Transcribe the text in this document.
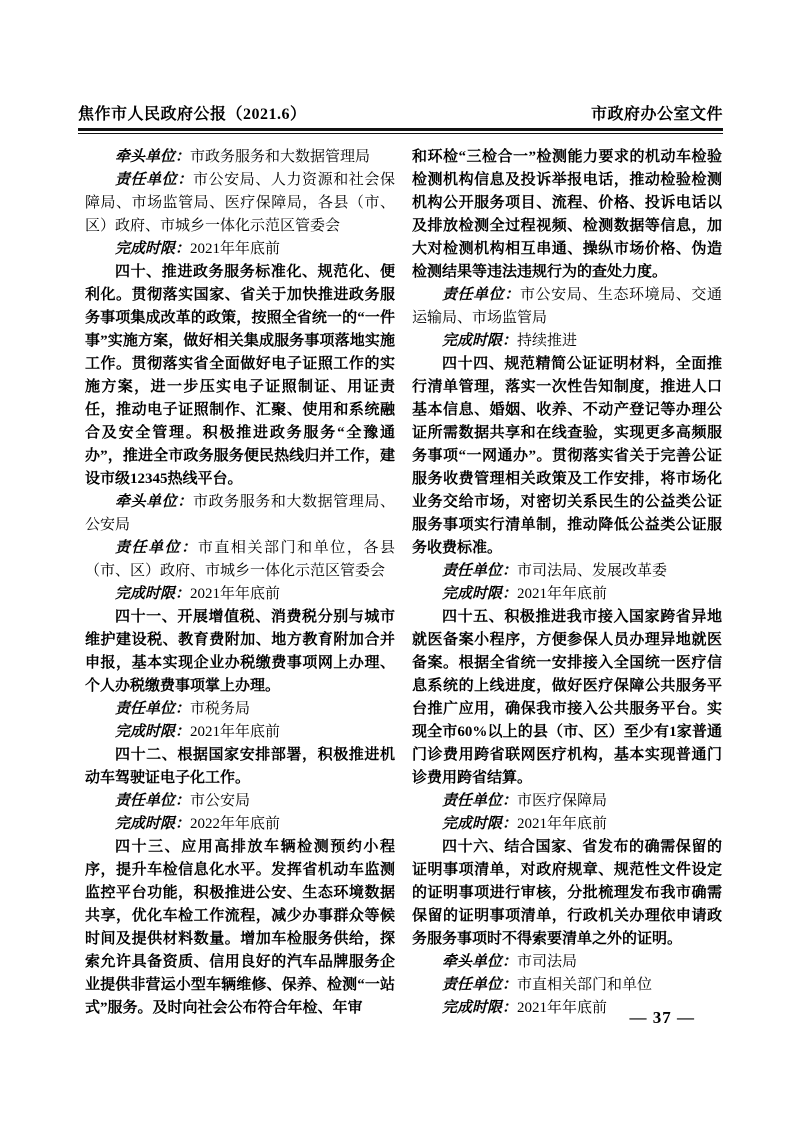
焦作市人民政府公报（2021.6）	市政府办公室文件

牵头单位：市政务服务和大数据管理局

责任单位：市公安局、人力资源和社会保障局、市场监管局、医疗保障局，各县（市、区）政府、市城乡一体化示范区管委会

完成时限：2021年年底前

四十、推进政务服务标准化、规范化、便利化。贯彻落实国家、省关于加快推进政务服务事项集成改革的政策，按照全省统一的“一件事”实施方案，做好相关集成服务事项落地实施工作。贯彻落实省全面做好电子证照工作的实施方案，进一步压实电子证照制证、用证责任，推动电子证照制作、汇聚、使用和系统融合及安全管理。积极推进政务服务“全豫通办”，推进全市政务服务便民热线归并工作，建设市级12345热线平台。

牵头单位：市政务服务和大数据管理局、公安局

责任单位：市直相关部门和单位，各县（市、区）政府、市城乡一体化示范区管委会

完成时限：2021年年底前

四十一、开展增值税、消费税分别与城市维护建设税、教育费附加、地方教育附加合并申报，基本实现企业办税缴费事项网上办理、个人办税缴费事项掌上办理。

责任单位：市税务局

完成时限：2021年年底前

四十二、根据国家安排部署，积极推进机动车驾驶证电子化工作。

责任单位：市公安局

完成时限：2022年年底前

四十三、应用高排放车辆检测预约小程序，提升车检信息化水平。发挥省机动车监测监控平台功能，积极推进公安、生态环境数据共享，优化车检工作流程，减少办事群众等候时间及提供材料数量。增加车检服务供给，探索允许具备资质、信用良好的汽车品牌服务企业提供非营运小型车辆维修、保养、检测“一站式”服务。及时向社会公布符合年检、年审

和环检“三检合一”检测能力要求的机动车检验检测机构信息及投诉举报电话，推动检验检测机构公开服务项目、流程、价格、投诉电话以及排放检测全过程视频、检测数据等信息，加大对检测机构相互串通、操纵市场价格、伪造检测结果等违法违规行为的查处力度。

责任单位：市公安局、生态环境局、交通运输局、市场监管局

完成时限：持续推进

四十四、规范精简公证证明材料，全面推行清单管理，落实一次性告知制度，推进人口基本信息、婚姻、收养、不动产登记等办理公证所需数据共享和在线查验，实现更多高频服务事项“一网通办”。贯彻落实省关于完善公证服务收费管理相关政策及工作安排，将市场化业务交给市场，对密切关系民生的公益类公证服务事项实行清单制，推动降低公益类公证服务收费标准。

责任单位：市司法局、发展改革委

完成时限：2021年年底前

四十五、积极推进我市接入国家跨省异地就医备案小程序，方便参保人员办理异地就医备案。根据全省统一安排接入全国统一医疗信息系统的上线进度，做好医疗保障公共服务平台推广应用，确保我市接入公共服务平台。实现全市60%以上的县（市、区）至少有1家普通门诊费用跨省联网医疗机构，基本实现普通门诊费用跨省结算。

责任单位：市医疗保障局

完成时限：2021年年底前

四十六、结合国家、省发布的确需保留的证明事项清单，对政府规章、规范性文件设定的证明事项进行审核，分批梳理发布我市确需保留的证明事项清单，行政机关办理依申请政务服务事项时不得索要清单之外的证明。

牵头单位：市司法局

责任单位：市直相关部门和单位

完成时限：2021年年底前	— 37 —
